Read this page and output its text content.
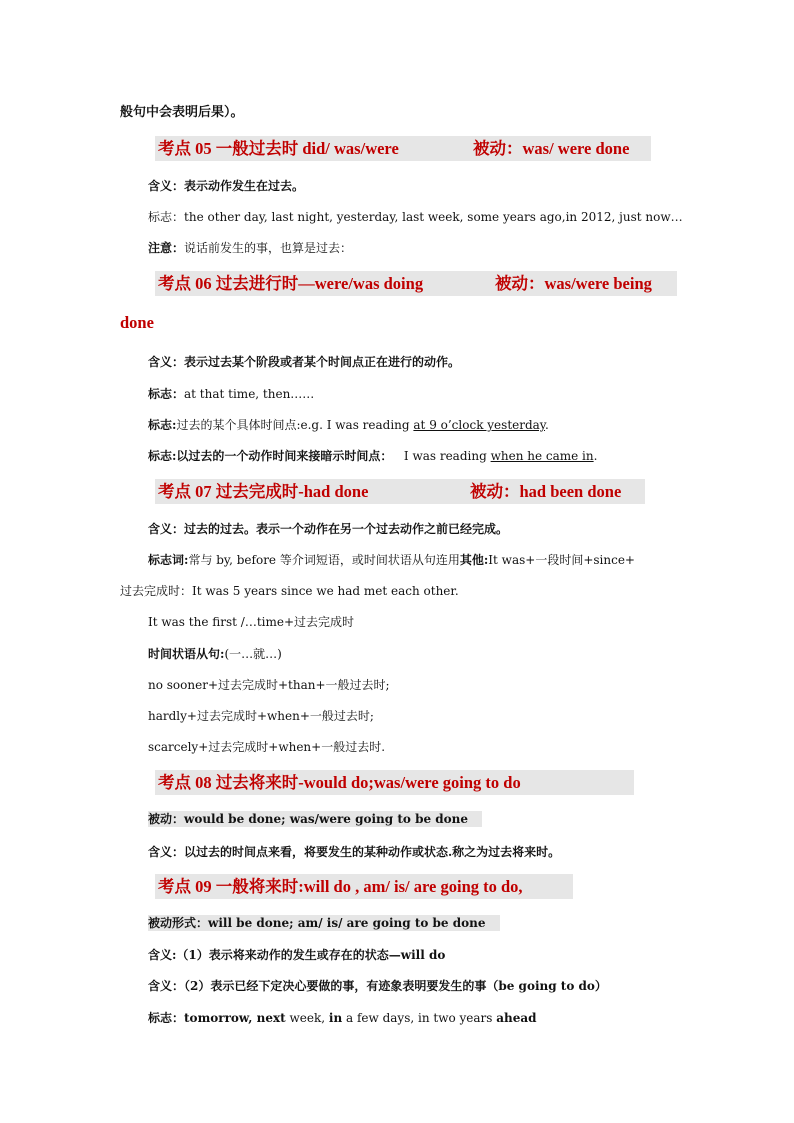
般句中会表明后果）。
考点 05 一般过去时 did/ was/were	被动：was/ were done
含义：表示动作发生在过去。
标志：the other day, last night, yesterday, last week, some years ago,in 2012, just now…
注意：说话前发生的事，也算是过去：
考点 06 过去进行时—were/was doing	被动：was/were being
done
含义：表示过去某个阶段或者某个时间点正在进行的动作。
标志：at that time, then……
标志:过去的某个具体时间点:e.g. I was reading at 9 o’clock yesterday.
标志:以过去的一个动作时间来接暗示时间点： I was reading when he came in.
考点 07 过去完成时-had done	被动：had been done
含义：过去的过去。表示一个动作在另一个过去动作之前已经完成。
标志词:常与 by, before 等介词短语，或时间状语从句连用其他:It was+一段时间+since+
过去完成时：It was 5 years since we had met each other.
It was the first /…time+过去完成时
时间状语从句:(一…就…)
no sooner+过去完成时+than+一般过去时;
hardly+过去完成时+when+一般过去时;
scarcely+过去完成时+when+一般过去时.
考点 08 过去将来时-would do;was/were going to do
被动：would be done; was/were going to be done
含义：以过去的时间点来看，将要发生的某种动作或状态.称之为过去将来时。
考点 09 一般将来时:will do , am/ is/ are going to do,
被动形式：will be done; am/ is/ are going to be done
含义:（1）表示将来动作的发生或存在的状态—will do
含义：（2）表示已经下定决心要做的事，有迹象表明要发生的事（be going to do）
标志：tomorrow, next week, in a few days, in two years ahead
